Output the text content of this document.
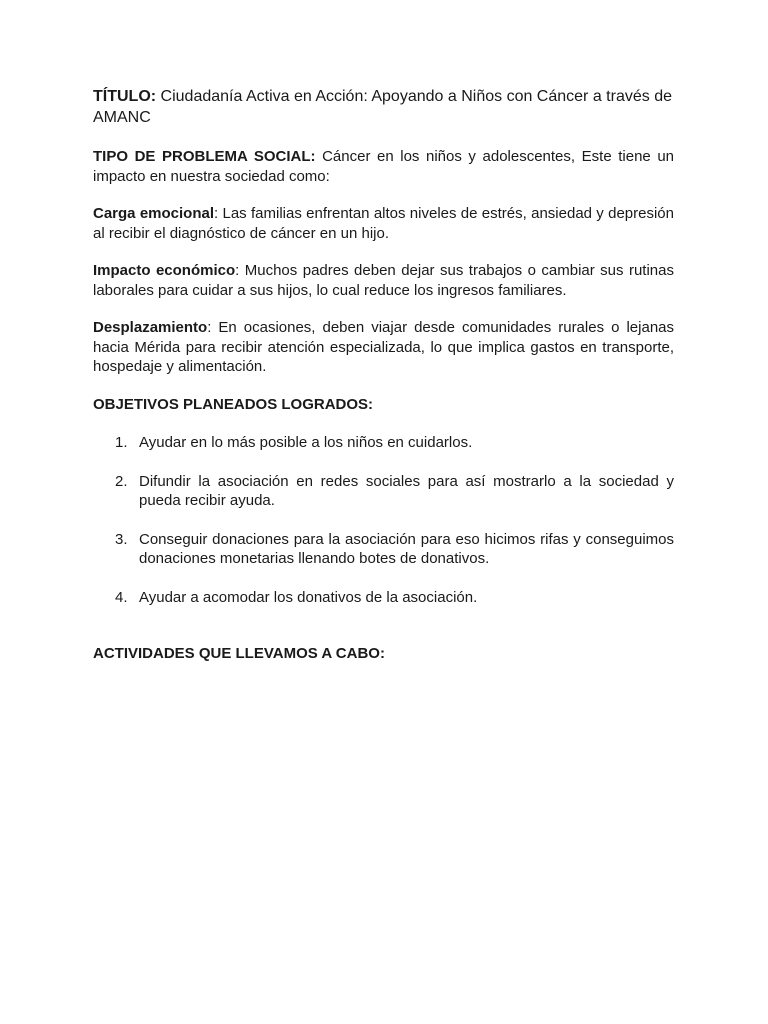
TÍTULO: Ciudadanía Activa en Acción: Apoyando a Niños con Cáncer a través de AMANC

TIPO DE PROBLEMA SOCIAL: Cáncer en los niños y adolescentes, Este tiene un impacto en nuestra sociedad como:

Carga emocional: Las familias enfrentan altos niveles de estrés, ansiedad y depresión al recibir el diagnóstico de cáncer en un hijo.

Impacto económico: Muchos padres deben dejar sus trabajos o cambiar sus rutinas laborales para cuidar a sus hijos, lo cual reduce los ingresos familiares.

Desplazamiento: En ocasiones, deben viajar desde comunidades rurales o lejanas hacia Mérida para recibir atención especializada, lo que implica gastos en transporte, hospedaje y alimentación.

OBJETIVOS PLANEADOS LOGRADOS:

1. Ayudar en lo más posible a los niños en cuidarlos.
2. Difundir la asociación en redes sociales para así mostrarlo a la sociedad y pueda recibir ayuda.
3. Conseguir donaciones para la asociación para eso hicimos rifas y conseguimos donaciones monetarias llenando botes de donativos.
4. Ayudar a acomodar los donativos de la asociación.

ACTIVIDADES QUE LLEVAMOS A CABO:
